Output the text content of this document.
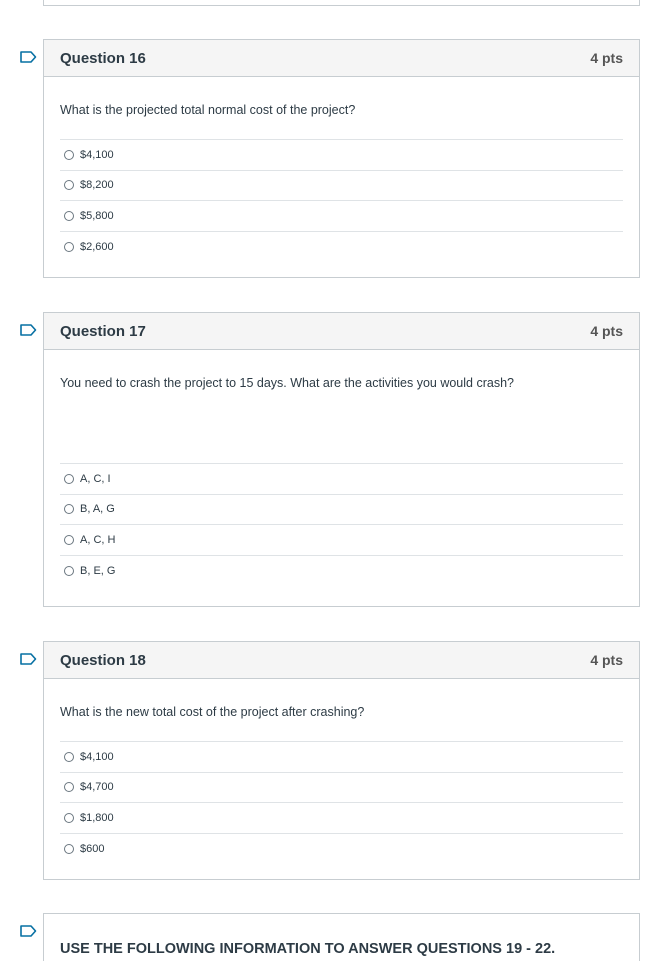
Question 16	4 pts
What is the projected total normal cost of the project?
$4,100
$8,200
$5,800
$2,600
Question 17	4 pts
You need to crash the project to 15 days. What are the activities you would crash?
A, C, I
B, A, G
A, C, H
B, E, G
Question 18	4 pts
What is the new total cost of the project after crashing?
$4,100
$4,700
$1,800
$600
USE THE FOLLOWING INFORMATION TO ANSWER QUESTIONS 19 - 22.
